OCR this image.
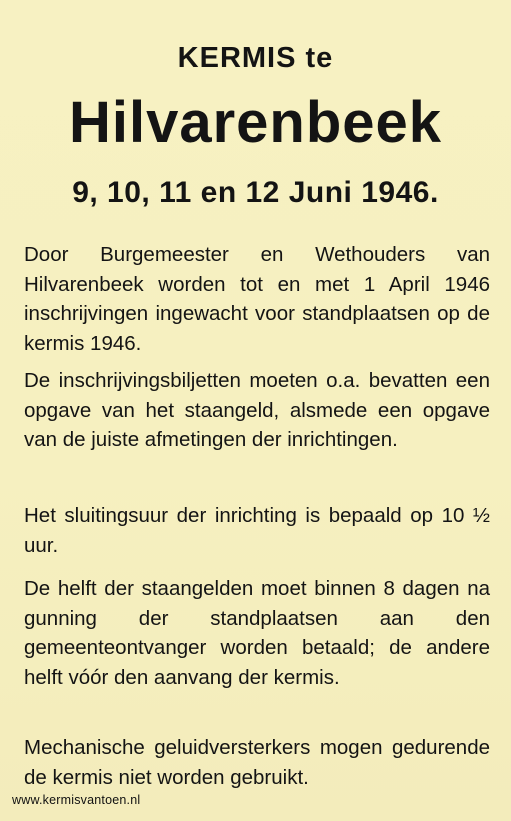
KERMIS te
Hilvarenbeek
9, 10, 11 en 12 Juni 1946.
Door Burgemeester en Wethouders van Hilvarenbeek worden tot en met 1 April 1946 inschrijvingen ingewacht voor standplaatsen op de kermis 1946.
De inschrijvingsbiljetten moeten o.a. bevatten een opgave van het staangeld, alsmede een opgave van de juiste afmetingen der inrichtingen.
Het sluitingsuur der inrichting is bepaald op 10 ½ uur.
De helft der staangelden moet binnen 8 dagen na gunning der standplaatsen aan den gemeenteontvanger worden betaald; de andere helft vóór den aanvang der kermis.
Mechanische geluidversterkers mogen gedurende de kermis niet worden gebruikt.
www.kermisvantoen.nl
